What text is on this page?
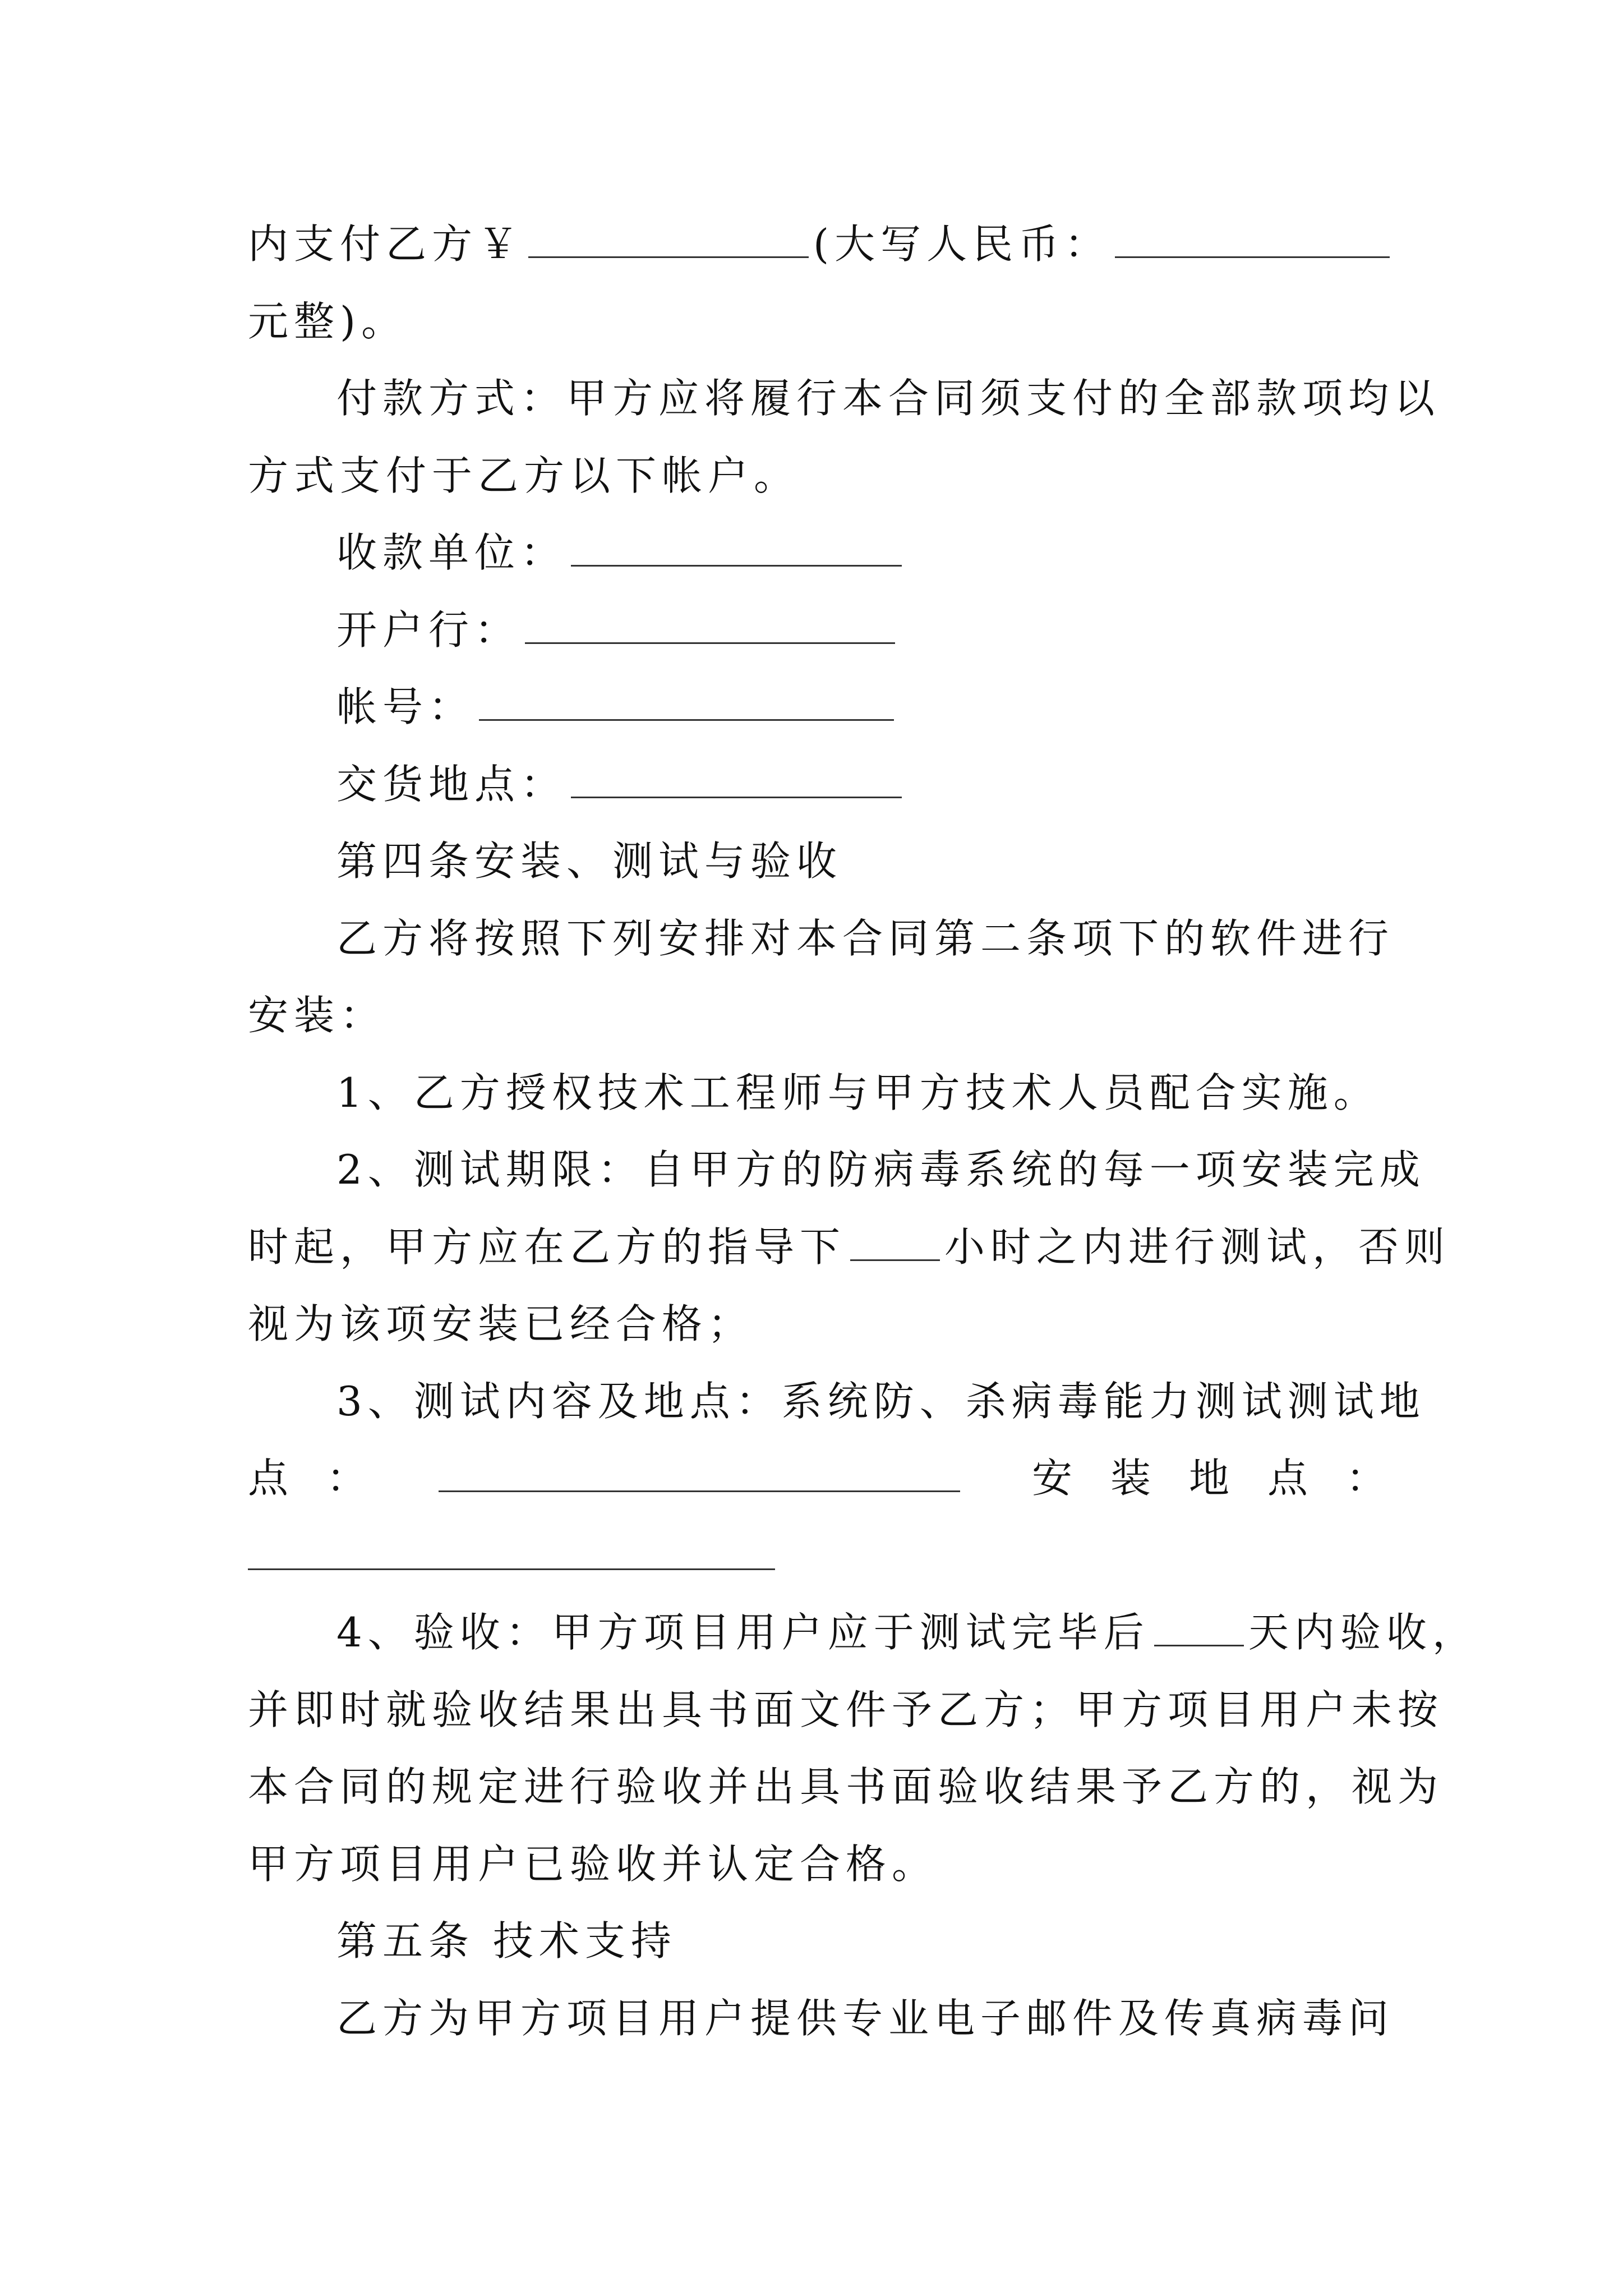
内支付乙方￥	(大写人民币：
元整)。
付款方式：甲方应将履行本合同须支付的全部款项均以
方式支付于乙方以下帐户。
收款单位：
开户行：
帐号：
交货地点：
第四条安装、测试与验收
乙方将按照下列安排对本合同第二条项下的软件进行
安装：
1、乙方授权技术工程师与甲方技术人员配合实施。
2、测试期限：自甲方的防病毒系统的每一项安装完成
时起，甲方应在乙方的指导下 小时之内进行测试，否则
视为该项安装已经合格；
3、测试内容及地点：系统防、杀病毒能力测试测试地
点 ：	安 装 地 点 ：
4、验收：甲方项目用户应于测试完毕后 天内验收，
并即时就验收结果出具书面文件予乙方；甲方项目用户未按
本合同的规定进行验收并出具书面验收结果予乙方的，视为
甲方项目用户已验收并认定合格。
第五条 技术支持
乙方为甲方项目用户提供专业电子邮件及传真病毒问
